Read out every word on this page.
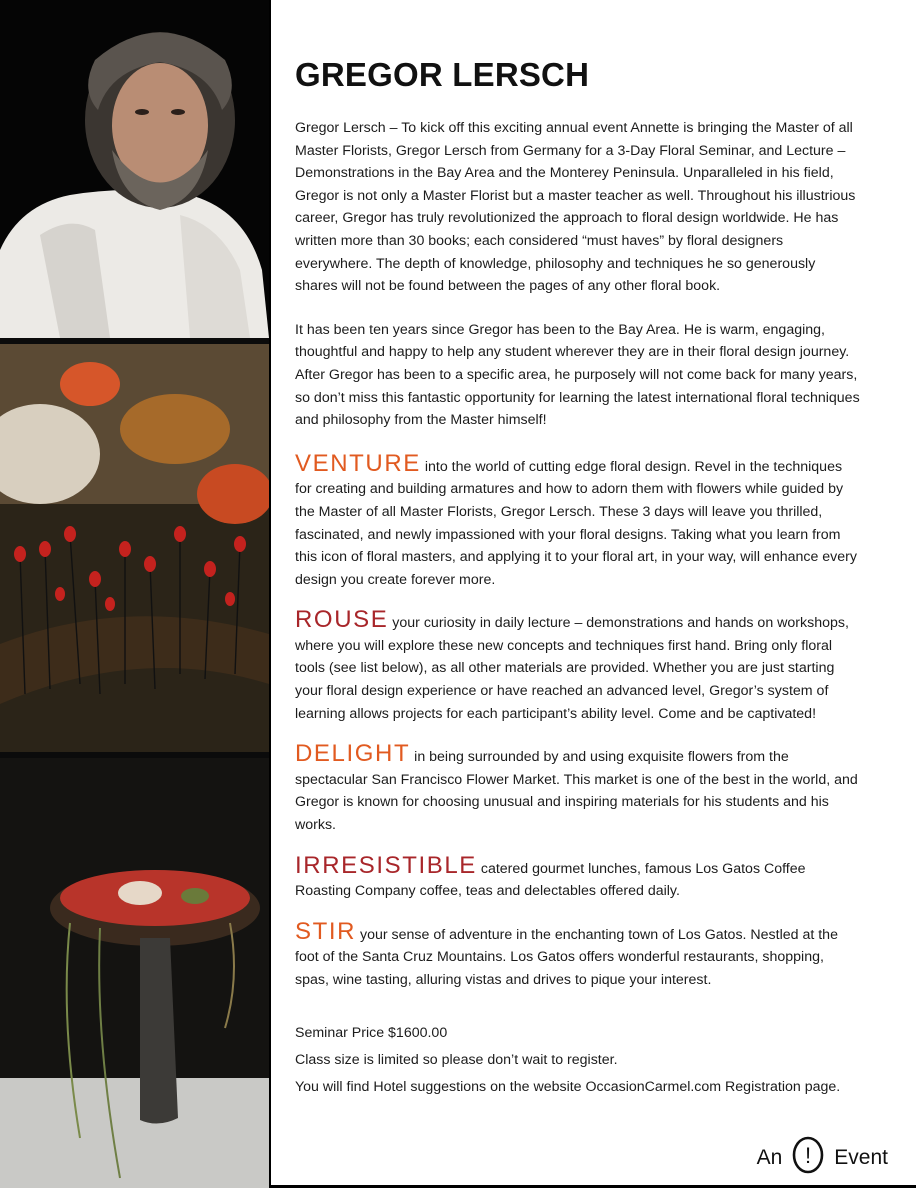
GREGOR LERSCH

Gregor Lersch – To kick off this exciting annual event Annette is bringing the Master of all Master Florists, Gregor Lersch from Germany for a 3-Day Floral Seminar, and Lecture – Demonstrations in the Bay Area and the Monterey Peninsula. Unparalleled in his field, Gregor is not only a Master Florist but a master teacher as well. Throughout his illustrious career, Gregor has truly revolutionized the approach to floral design worldwide. He has written more than 30 books; each considered “must haves” by floral designers everywhere. The depth of knowledge, philosophy and techniques he so generously shares will not be found between the pages of any other floral book.

It has been ten years since Gregor has been to the Bay Area. He is warm, engaging, thoughtful and happy to help any student wherever they are in their floral design journey. After Gregor has been to a specific area, he purposely will not come back for many years, so don’t miss this fantastic opportunity for learning the latest international floral techniques and philosophy from the Master himself!

VENTURE into the world of cutting edge floral design. Revel in the techniques for creating and building armatures and how to adorn them with flowers while guided by the Master of all Master Florists, Gregor Lersch. These 3 days will leave you thrilled, fascinated, and newly impassioned with your floral designs. Taking what you learn from this icon of floral masters, and applying it to your floral art, in your way, will enhance every design you create forever more.

ROUSE your curiosity in daily lecture – demonstrations and hands on workshops, where you will explore these new concepts and techniques first hand. Bring only floral tools (see list below), as all other materials are provided. Whether you are just starting your floral design experience or have reached an advanced level, Gregor’s system of learning allows projects for each participant’s ability level. Come and be captivated!

DELIGHT in being surrounded by and using exquisite flowers from the spectacular San Francisco Flower Market. This market is one of the best in the world, and Gregor is known for choosing unusual and inspiring materials for his students and his works.

IRRESISTIBLE catered gourmet lunches, famous Los Gatos Coffee Roasting Company coffee, teas and delectables offered daily.

STIR your sense of adventure in the enchanting town of Los Gatos. Nestled at the foot of the Santa Cruz Mountains. Los Gatos offers wonderful restaurants, shopping, spas, wine tasting, alluring vistas and drives to pique your interest.

Seminar Price $1600.00

Class size is limited so please don’t wait to register.

You will find Hotel suggestions on the website OccasionCarmel.com Registration page.

An ! Event
